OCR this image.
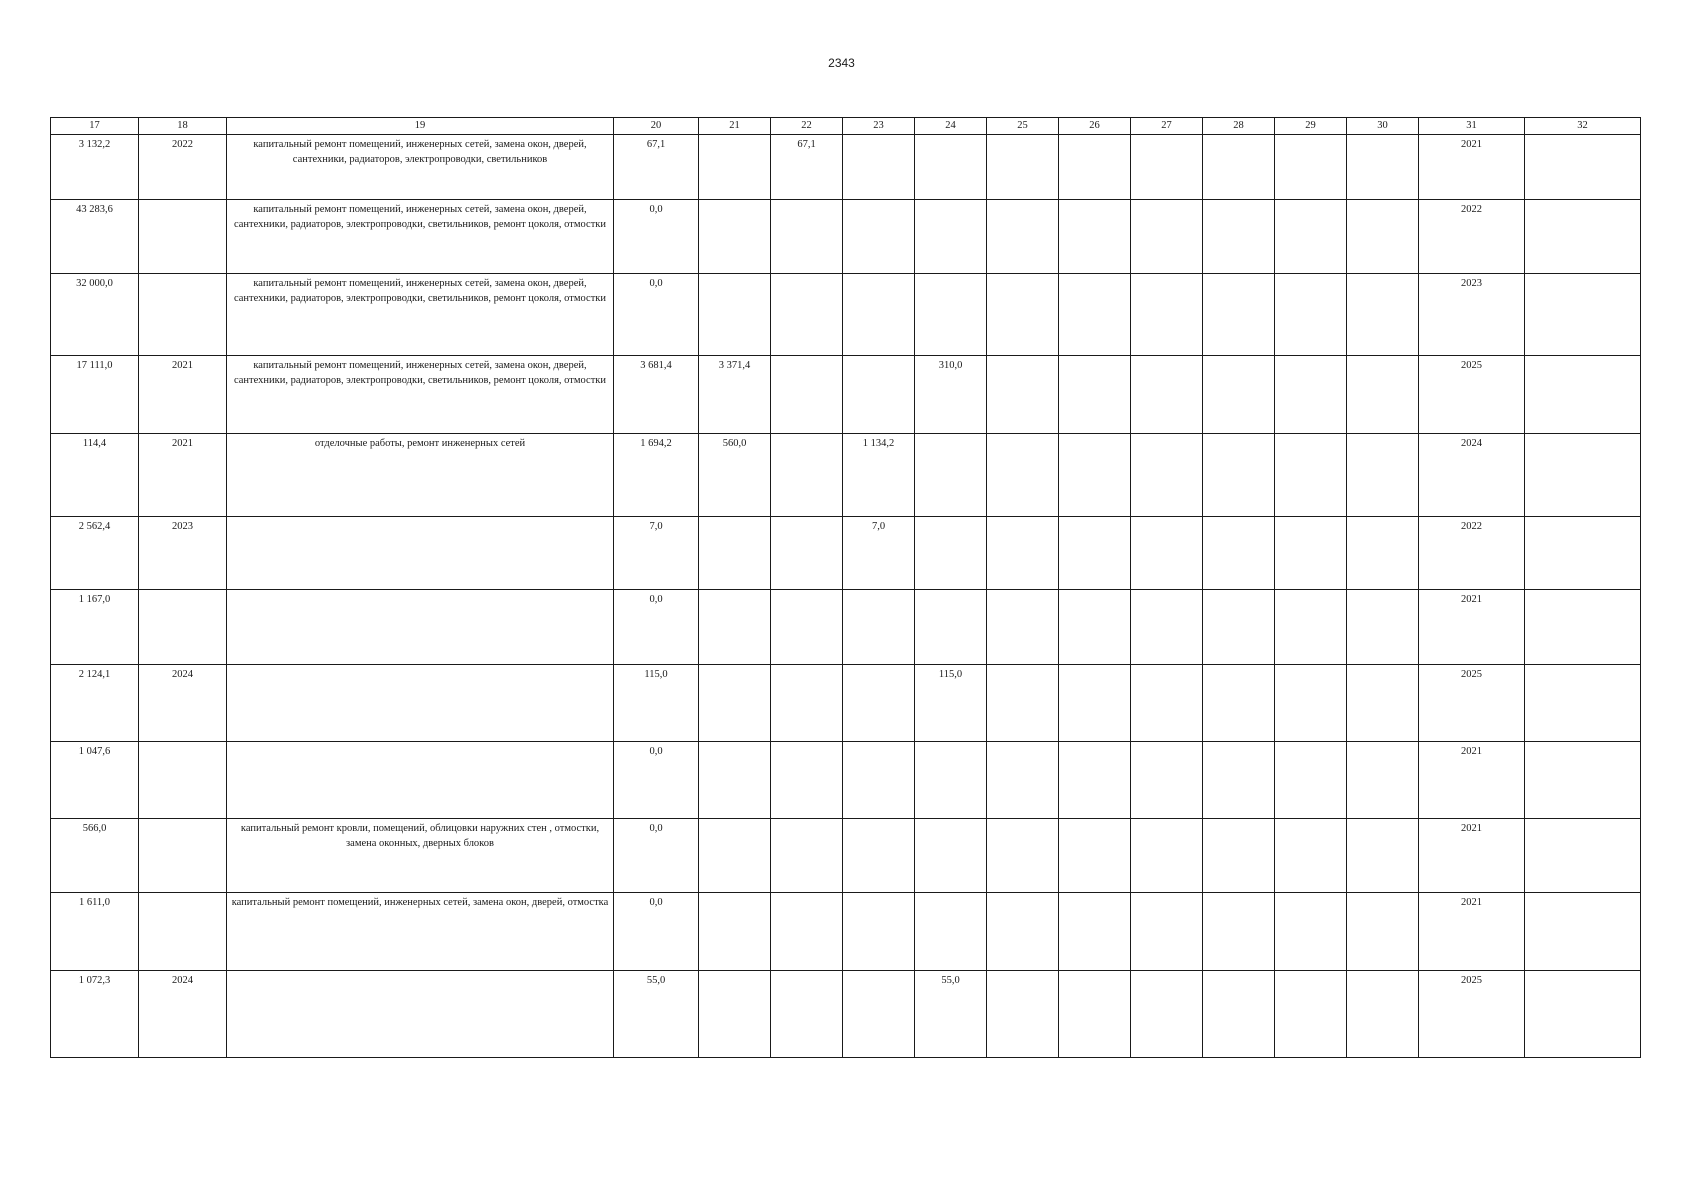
2343
17	18	19	20	21	22	23	24	25	26	27	28	29	30	31	32
3 132,2	2022	капитальный ремонт помещений, инженерных сетей, замена окон, дверей, сантехники, радиаторов, электропроводки, светильников	67,1		67,1									2021	
43 283,6		капитальный ремонт помещений, инженерных сетей, замена окон, дверей, сантехники, радиаторов, электропроводки, светильников, ремонт цоколя, отмостки	0,0											2022	
32 000,0		капитальный ремонт помещений, инженерных сетей, замена окон, дверей, сантехники, радиаторов, электропроводки, светильников, ремонт цоколя, отмостки	0,0											2023	
17 111,0	2021	капитальный ремонт помещений, инженерных сетей, замена окон, дверей, сантехники, радиаторов, электропроводки, светильников, ремонт цоколя, отмостки	3 681,4	3 371,4			310,0							2025	
114,4	2021	отделочные работы, ремонт инженерных сетей	1 694,2	560,0		1 134,2								2024	
2 562,4	2023		7,0			7,0								2022	
1 167,0			0,0											2021	
2 124,1	2024		115,0				115,0							2025	
1 047,6			0,0											2021	
566,0		капитальный ремонт кровли, помещений, облицовки наружних стен , отмостки, замена оконных, дверных блоков	0,0											2021	
1 611,0		капитальный ремонт помещений, инженерных сетей, замена окон, дверей, отмостка	0,0											2021	
1 072,3	2024		55,0				55,0							2025	
